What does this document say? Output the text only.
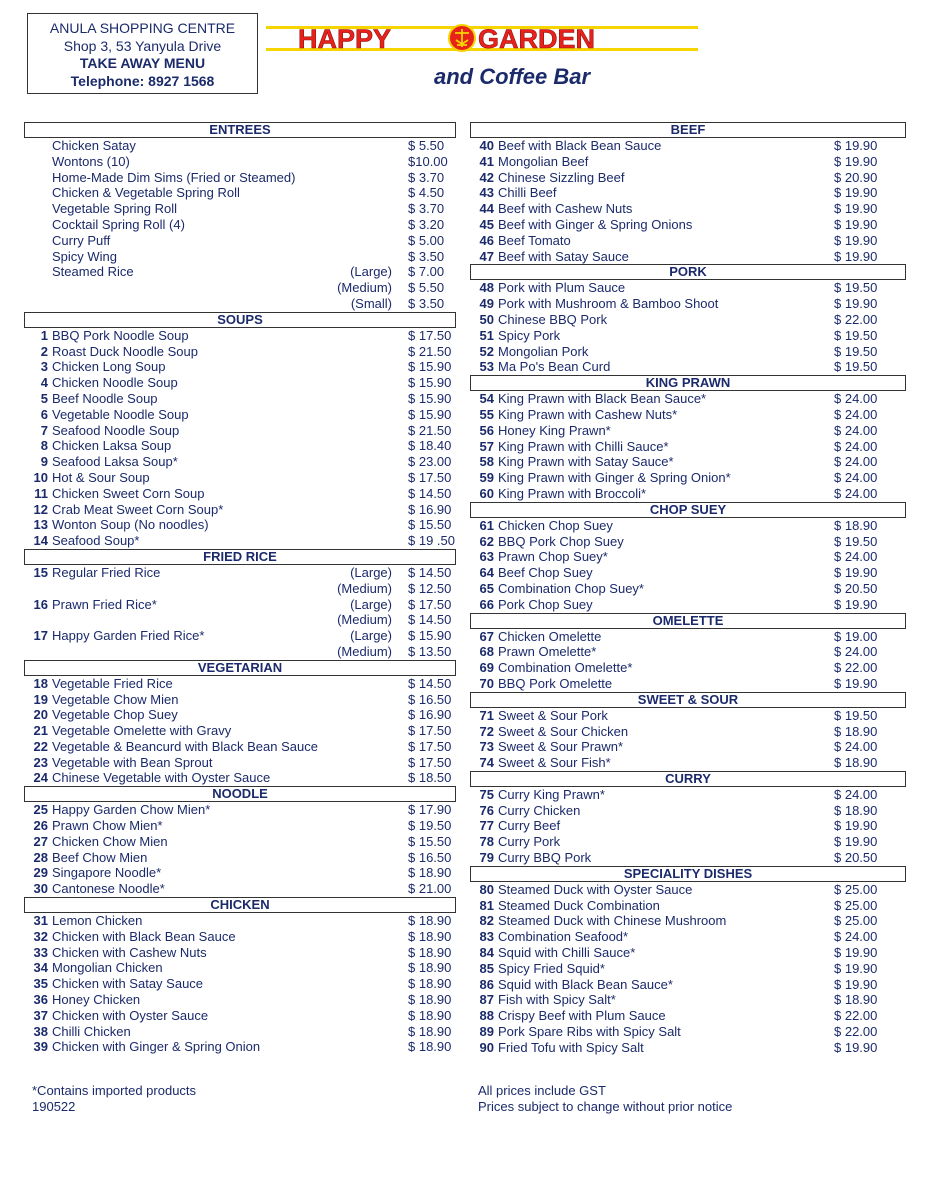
ANULA SHOPPING CENTRE
Shop 3, 53 Yanyula Drive
TAKE AWAY MENU
Telephone: 8927 1568
HAPPY	GARDEN
and Coffee Bar
ENTREES
Chicken Satay	$ 5.50
Wontons (10)	$10.00
Home-Made Dim Sims (Fried or Steamed)	$ 3.70
Chicken & Vegetable Spring Roll	$ 4.50
Vegetable Spring Roll	$ 3.70
Cocktail Spring Roll (4)	$ 3.20
Curry Puff	$ 5.00
Spicy Wing	$ 3.50
Steamed Rice	(Large) $ 7.00
(Medium) $ 5.50
(Small) $ 3.50
SOUPS
1 BBQ Pork Noodle Soup	$ 17.50
2 Roast Duck Noodle Soup	$ 21.50
3 Chicken Long Soup	$ 15.90
4 Chicken Noodle Soup	$ 15.90
5 Beef Noodle Soup	$ 15.90
6 Vegetable Noodle Soup	$ 15.90
7 Seafood Noodle Soup	$ 21.50
8 Chicken Laksa Soup	$ 18.40
9 Seafood Laksa Soup*	$ 23.00
10 Hot & Sour Soup	$ 17.50
11 Chicken Sweet Corn Soup	$ 14.50
12 Crab Meat Sweet Corn Soup*	$ 16.90
13 Wonton Soup (No noodles)	$ 15.50
14 Seafood Soup*	$ 19 .50
FRIED RICE
15 Regular Fried Rice	(Large) $ 14.50
(Medium) $ 12.50
16 Prawn Fried Rice*	(Large) $ 17.50
(Medium) $ 14.50
17 Happy Garden Fried Rice*	(Large) $ 15.90
(Medium) $ 13.50
VEGETARIAN
18 Vegetable Fried Rice	$ 14.50
19 Vegetable Chow Mien	$ 16.50
20 Vegetable Chop Suey	$ 16.90
21 Vegetable Omelette with Gravy	$ 17.50
22 Vegetable & Beancurd with Black Bean Sauce	$ 17.50
23 Vegetable with Bean Sprout	$ 17.50
24 Chinese Vegetable with Oyster Sauce	$ 18.50
NOODLE
25 Happy Garden Chow Mien*	$ 17.90
26 Prawn Chow Mien*	$ 19.50
27 Chicken Chow Mien	$ 15.50
28 Beef Chow Mien	$ 16.50
29 Singapore Noodle*	$ 18.90
30 Cantonese Noodle*	$ 21.00
CHICKEN
31 Lemon Chicken	$ 18.90
32 Chicken with Black Bean Sauce	$ 18.90
33 Chicken with Cashew Nuts	$ 18.90
34 Mongolian Chicken	$ 18.90
35 Chicken with Satay Sauce	$ 18.90
36 Honey Chicken	$ 18.90
37 Chicken with Oyster Sauce	$ 18.90
38 Chilli Chicken	$ 18.90
39 Chicken with Ginger & Spring Onion	$ 18.90
BEEF
40 Beef with Black Bean Sauce	$ 19.90
41 Mongolian Beef	$ 19.90
42 Chinese Sizzling Beef	$ 20.90
43 Chilli Beef	$ 19.90
44 Beef with Cashew Nuts	$ 19.90
45 Beef with Ginger & Spring Onions	$ 19.90
46 Beef Tomato	$ 19.90
47 Beef with Satay Sauce	$ 19.90
PORK
48 Pork with Plum Sauce	$ 19.50
49 Pork with Mushroom & Bamboo Shoot	$ 19.90
50 Chinese BBQ Pork	$ 22.00
51 Spicy Pork	$ 19.50
52 Mongolian Pork	$ 19.50
53 Ma Po's Bean Curd	$ 19.50
KING PRAWN
54 King Prawn with Black Bean Sauce*	$ 24.00
55 King Prawn with Cashew Nuts*	$ 24.00
56 Honey King Prawn*	$ 24.00
57 King Prawn with Chilli Sauce*	$ 24.00
58 King Prawn with Satay Sauce*	$ 24.00
59 King Prawn with Ginger & Spring Onion*	$ 24.00
60 King Prawn with Broccoli*	$ 24.00
CHOP SUEY
61 Chicken Chop Suey	$ 18.90
62 BBQ Pork Chop Suey	$ 19.50
63 Prawn Chop Suey*	$ 24.00
64 Beef Chop Suey	$ 19.90
65 Combination Chop Suey*	$ 20.50
66 Pork Chop Suey	$ 19.90
OMELETTE
67 Chicken Omelette	$ 19.00
68 Prawn Omelette*	$ 24.00
69 Combination Omelette*	$ 22.00
70 BBQ Pork Omelette	$ 19.90
SWEET & SOUR
71 Sweet & Sour Pork	$ 19.50
72 Sweet & Sour Chicken	$ 18.90
73 Sweet & Sour Prawn*	$ 24.00
74 Sweet & Sour Fish*	$ 18.90
CURRY
75 Curry King Prawn*	$ 24.00
76 Curry Chicken	$ 18.90
77 Curry Beef	$ 19.90
78 Curry Pork	$ 19.90
79 Curry BBQ Pork	$ 20.50
SPECIALITY DISHES
80 Steamed Duck with Oyster Sauce	$ 25.00
81 Steamed Duck Combination	$ 25.00
82 Steamed Duck with Chinese Mushroom	$ 25.00
83 Combination Seafood*	$ 24.00
84 Squid with Chilli Sauce*	$ 19.90
85 Spicy Fried Squid*	$ 19.90
86 Squid with Black Bean Sauce*	$ 19.90
87 Fish with Spicy Salt*	$ 18.90
88 Crispy Beef with Plum Sauce	$ 22.00
89 Pork Spare Ribs with Spicy Salt	$ 22.00
90 Fried Tofu with Spicy Salt	$ 19.90
*Contains imported products
190522
All prices include GST
Prices subject to change without prior notice
